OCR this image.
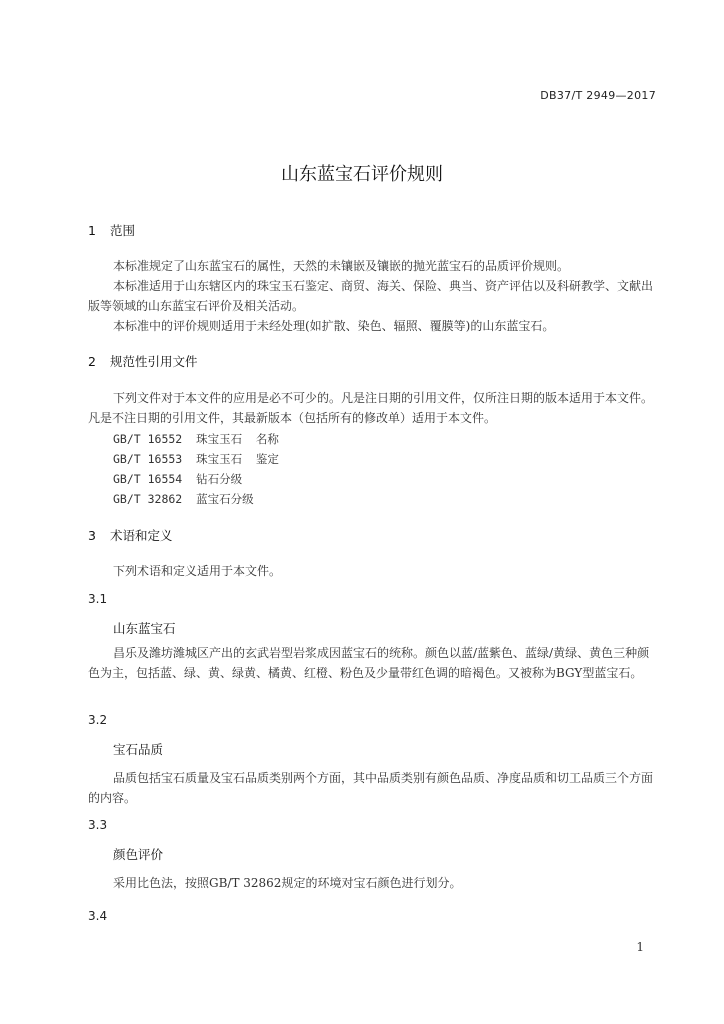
DB37/T 2949—2017
山东蓝宝石评价规则
1 范围

本标准规定了山东蓝宝石的属性，天然的未镶嵌及镶嵌的抛光蓝宝石的品质评价规则。

本标准适用于山东辖区内的珠宝玉石鉴定、商贸、海关、保险、典当、资产评估以及科研教学、文献出版等领域的山东蓝宝石评价及相关活动。

本标准中的评价规则适用于未经处理(如扩散、染色、辐照、覆膜等)的山东蓝宝石。

2 规范性引用文件

下列文件对于本文件的应用是必不可少的。凡是注日期的引用文件，仅所注日期的版本适用于本文件。凡是不注日期的引用文件，其最新版本（包括所有的修改单）适用于本文件。

GB/T 16552  珠宝玉石  名称
GB/T 16553  珠宝玉石  鉴定
GB/T 16554  钻石分级
GB/T 32862  蓝宝石分级
3 术语和定义
下列术语和定义适用于本文件。
3.1
山东蓝宝石

昌乐及潍坊潍城区产出的玄武岩型岩浆成因蓝宝石的统称。颜色以蓝/蓝紫色、蓝绿/黄绿、黄色三种颜色为主，包括蓝、绿、黄、绿黄、橘黄、红橙、粉色及少量带红色调的暗褐色。又被称为BGY型蓝宝石。

3.2
宝石品质

品质包括宝石质量及宝石品质类别两个方面，其中品质类别有颜色品质、净度品质和切工品质三个方面的内容。

3.3
颜色评价
采用比色法，按照GB/T 32862规定的环境对宝石颜色进行划分。
3.4
1
